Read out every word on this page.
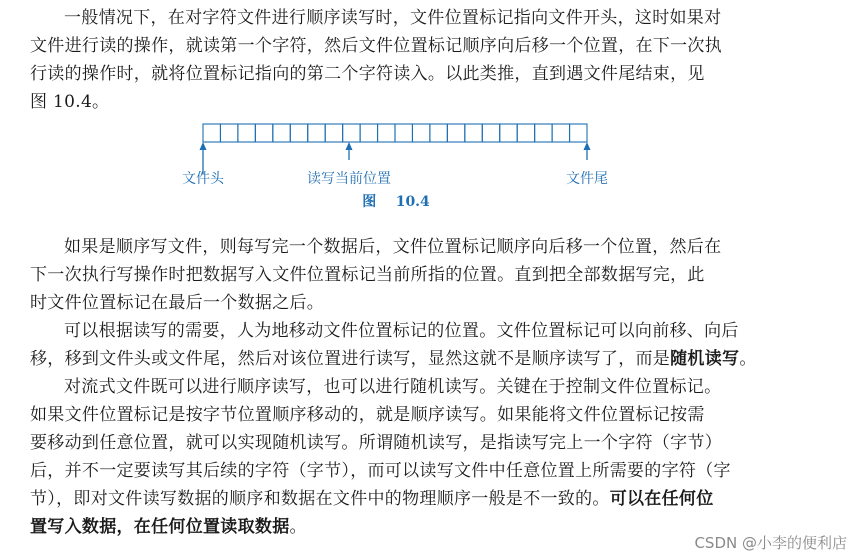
一般情况下，在对字符文件进行顺序读写时，文件位置标记指向文件开头，这时如果对
文件进行读的操作，就读第一个字符，然后文件位置标记顺序向后移一个位置，在下一次执
行读的操作时，就将位置标记指向的第二个字符读入。以此类推，直到遇文件尾结束，见
图 10.4。
文件头	读写当前位置	文件尾
图    10.4
如果是顺序写文件，则每写完一个数据后，文件位置标记顺序向后移一个位置，然后在
下一次执行写操作时把数据写入文件位置标记当前所指的位置。直到把全部数据写完，此
时文件位置标记在最后一个数据之后。
可以根据读写的需要，人为地移动文件位置标记的位置。文件位置标记可以向前移、向后
移，移到文件头或文件尾，然后对该位置进行读写，显然这就不是顺序读写了，而是随机读写。
对流式文件既可以进行顺序读写，也可以进行随机读写。关键在于控制文件位置标记。
如果文件位置标记是按字节位置顺序移动的，就是顺序读写。如果能将文件位置标记按需
要移动到任意位置，就可以实现随机读写。所谓随机读写，是指读写完上一个字符（字节）
后，并不一定要读写其后续的字符（字节），而可以读写文件中任意位置上所需要的字符（字
节），即对文件读写数据的顺序和数据在文件中的物理顺序一般是不一致的。可以在任何位
置写入数据，在任何位置读取数据。
CSDN @小李的便利店
